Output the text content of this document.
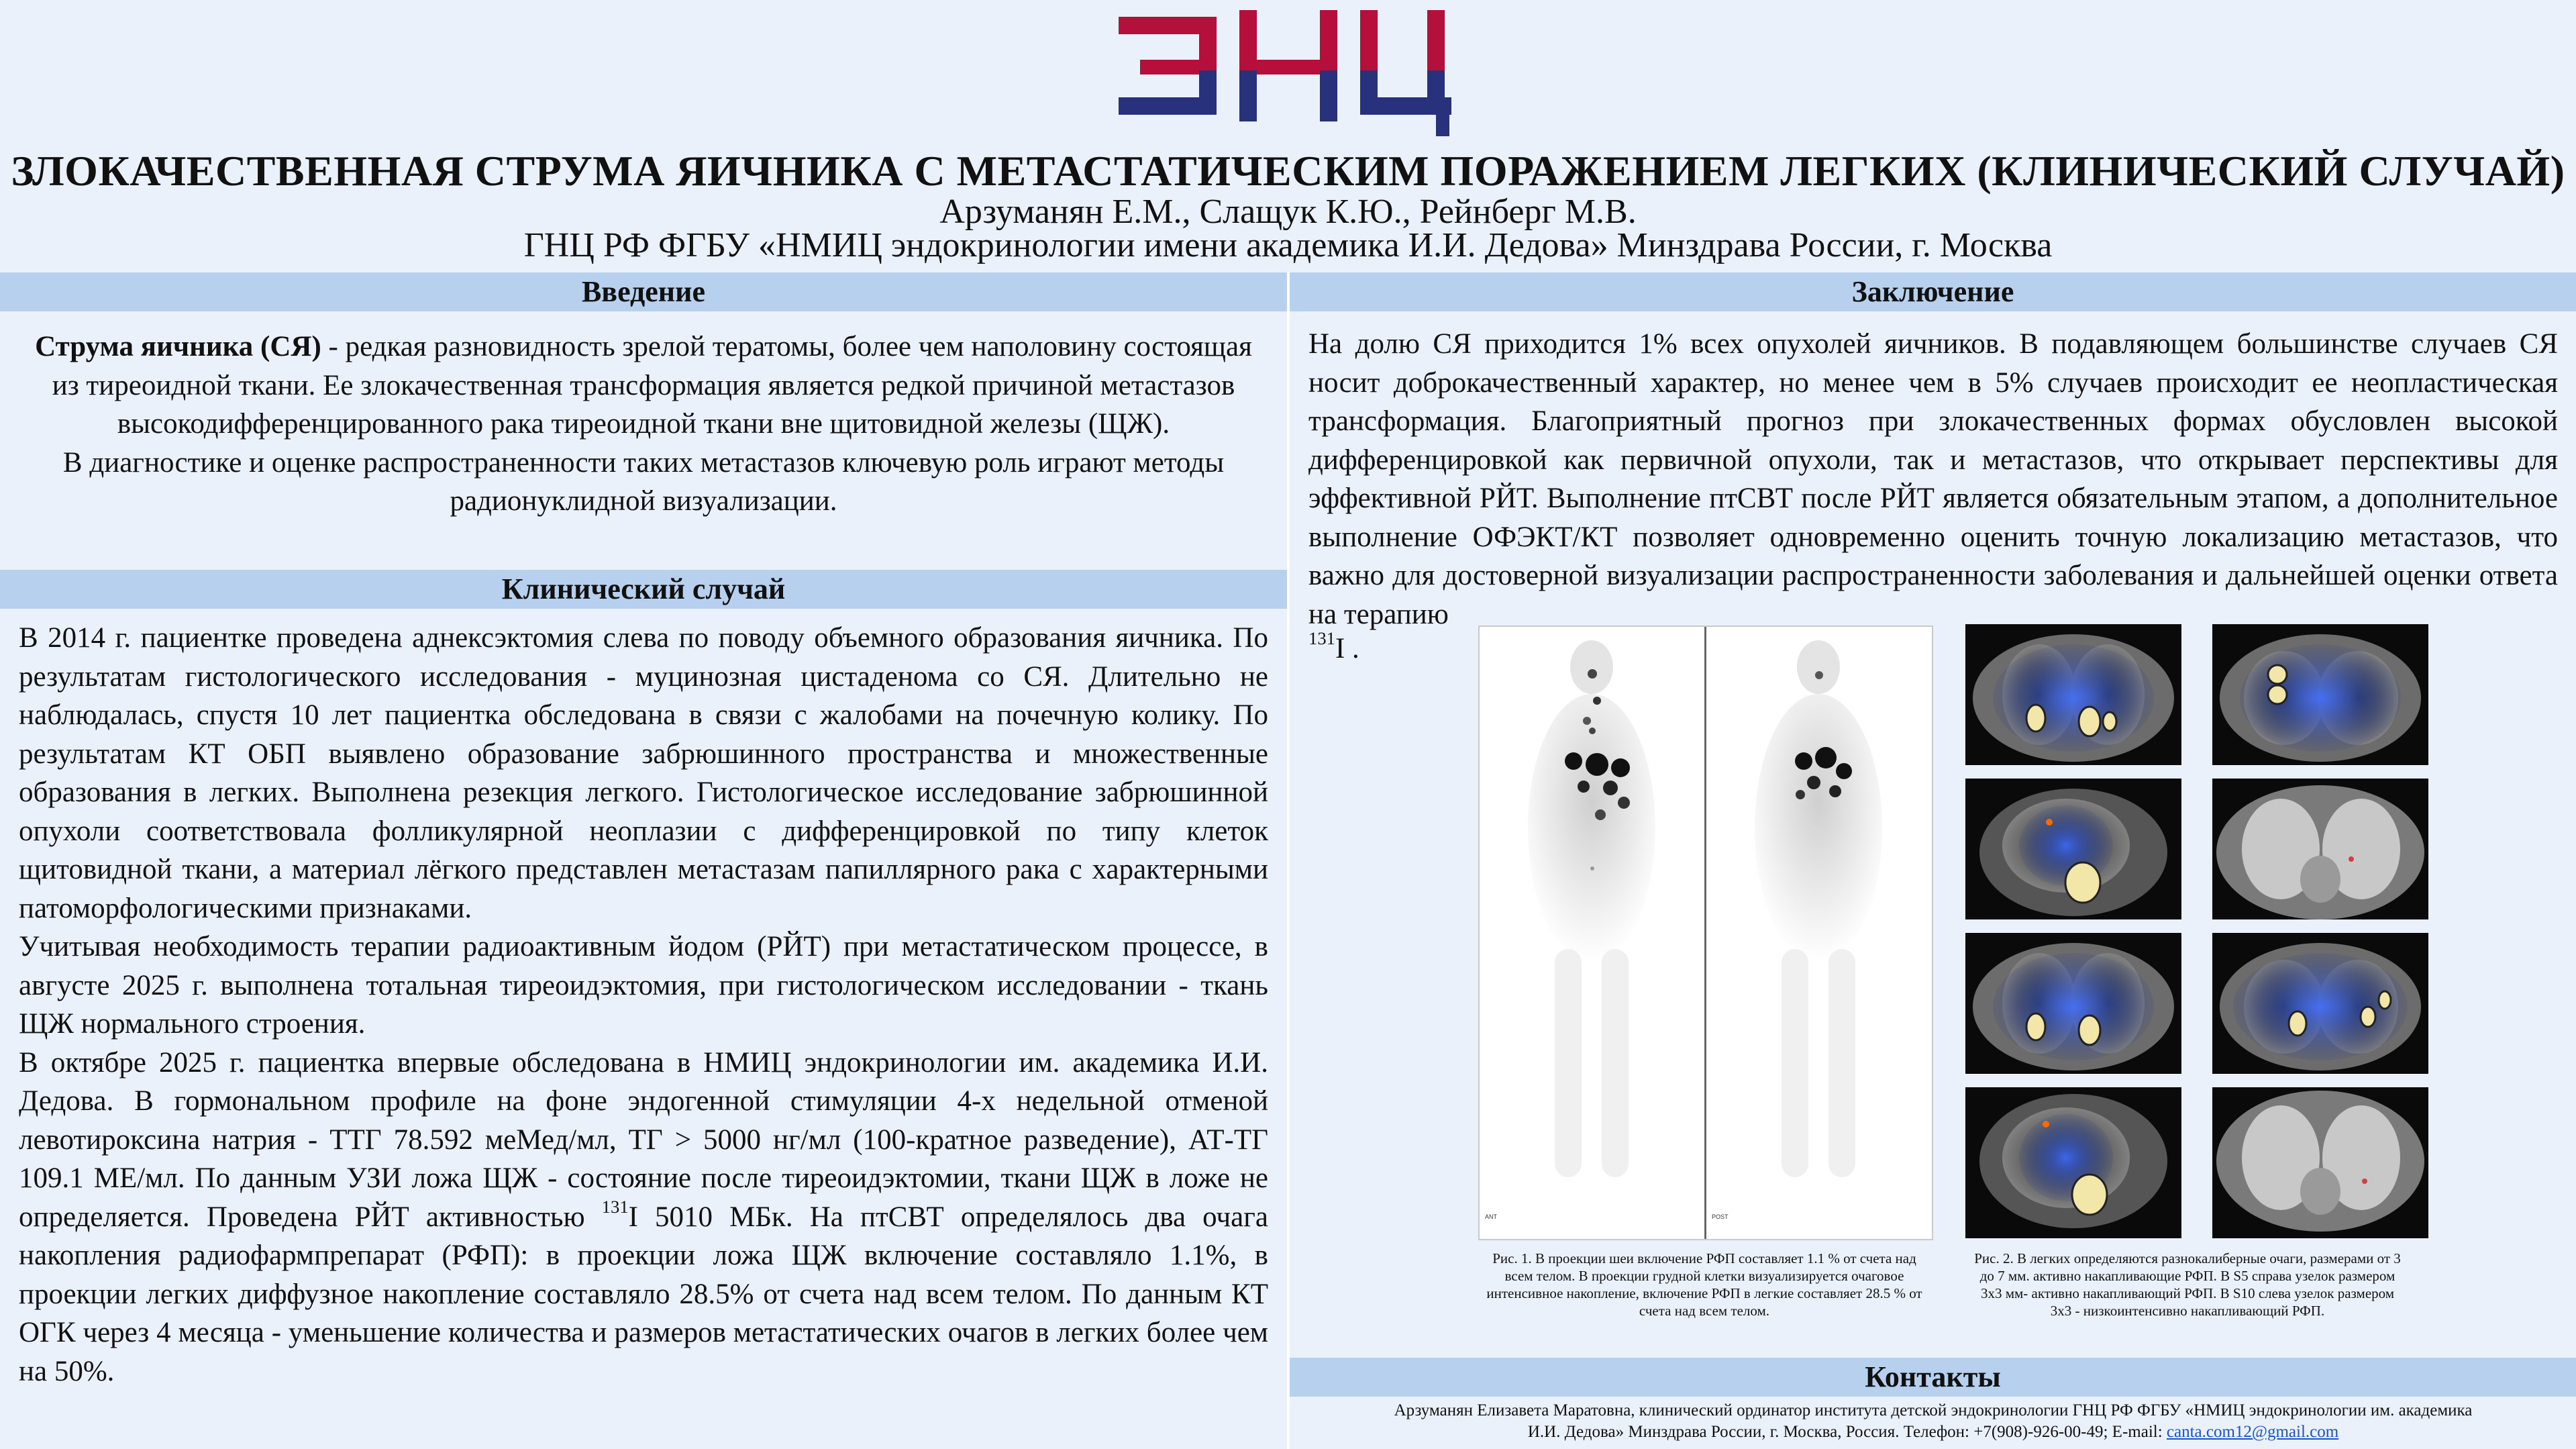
ЗЛОКАЧЕСТВЕННАЯ СТРУМА ЯИЧНИКА С МЕТАСТАТИЧЕСКИМ ПОРАЖЕНИЕМ ЛЕГКИХ (КЛИНИЧЕСКИЙ СЛУЧАЙ)
Арзуманян Е.М., Слащук К.Ю., Рейнберг М.В.
ГНЦ РФ ФГБУ «НМИЦ эндокринологии имени академика И.И. Дедова» Минздрава России, г. Москва
Введение
Струма яичника (СЯ) - редкая разновидность зрелой тератомы, более чем наполовину состоящая из тиреоидной ткани. Ее злокачественная трансформация является редкой причиной метастазов высокодифференцированного рака тиреоидной ткани вне щитовидной железы (ЩЖ).
В диагностике и оценке распространенности таких метастазов ключевую роль играют методы радионуклидной визуализации.
Клинический случай

В 2014 г. пациентке проведена аднексэктомия слева по поводу объемного образования яичника. По результатам гистологического исследования - муцинозная цистаденома со СЯ. Длительно не наблюдалась, спустя 10 лет пациентка обследована в связи с жалобами на почечную колику. По результатам КТ ОБП выявлено образование забрюшинного пространства и множественные образования в легких. Выполнена резекция легкого. Гистологическое исследование забрюшинной опухоли соответствовала фолликулярной неоплазии с дифференцировкой по типу клеток щитовидной ткани, а материал лёгкого представлен метастазам папиллярного рака с характерными патоморфологическими признаками.

Учитывая необходимость терапии радиоактивным йодом (РЙТ) при метастатическом процессе, в августе 2025 г. выполнена тотальная тиреоидэктомия, при гистологическом исследовании - ткань ЩЖ нормального строения.

В октябре 2025 г. пациентка впервые обследована в НМИЦ эндокринологии им. академика И.И. Дедова. В гормональном профиле на фоне эндогенной стимуляции 4-х недельной отменой левотироксина натрия - ТТГ 78.592 меМед/мл, ТГ > 5000 нг/мл (100-кратное разведение), АТ-ТГ 109.1 МЕ/мл. По данным УЗИ ложа ЩЖ - состояние после тиреоидэктомии, ткани ЩЖ в ложе не определяется. Проведена РЙТ активностью $^{131}$I 5010 МБк. На птСВТ определялось два очага накопления радиофармпрепарат (РФП): в проекции ложа ЩЖ включение составляло 1.1%, в проекции легких диффузное накопление составляло 28.5% от счета над всем телом. По данным КТ ОГК через 4 месяца - уменьшение количества и размеров метастатических очагов в легких более чем на 50%.

Заключение
На долю СЯ приходится 1% всех опухолей яичников. В подавляющем большинстве случаев СЯ носит доброкачественный характер, но менее чем в 5% случаев происходит ее неопластическая трансформация. Благоприятный прогноз при злокачественных формах обусловлен высокой дифференцировкой как первичной опухоли, так и метастазов, что открывает перспективы для эффективной РЙТ. Выполнение птСВТ после РЙТ является обязательным этапом, а дополнительное выполнение ОФЭКТ/КТ позволяет одновременно оценить точную локализацию метастазов, что важно для достоверной визуализации распространенности заболевания и дальнейшей оценки ответа на терапию
$^{131}$I .
ANT	POST
Рис. 1. В проекции шеи включение РФП составляет 1.1 % от счета над всем телом. В проекции грудной клетки визуализируется очаговое интенсивное накопление, включение РФП в легкие составляет 28.5 % от счета над всем телом.
Рис. 2. В легких определяются разнокалиберные очаги, размерами от 3 до 7 мм. активно накапливающие РФП. В S5 справа узелок размером 3x3 мм- активно накапливающий РФП. В S10 слева узелок размером 3x3 - низкоинтенсивно накапливающий РФП.
Контакты
Арзуманян Елизавета Маратовна, клинический ординатор института детской эндокринологии ГНЦ РФ ФГБУ «НМИЦ эндокринологии им. академика
И.И. Дедова» Минздрава России, г. Москва, Россия. Телефон: +7(908)-926-00-49; E-mail: canta.com12@gmail.com
